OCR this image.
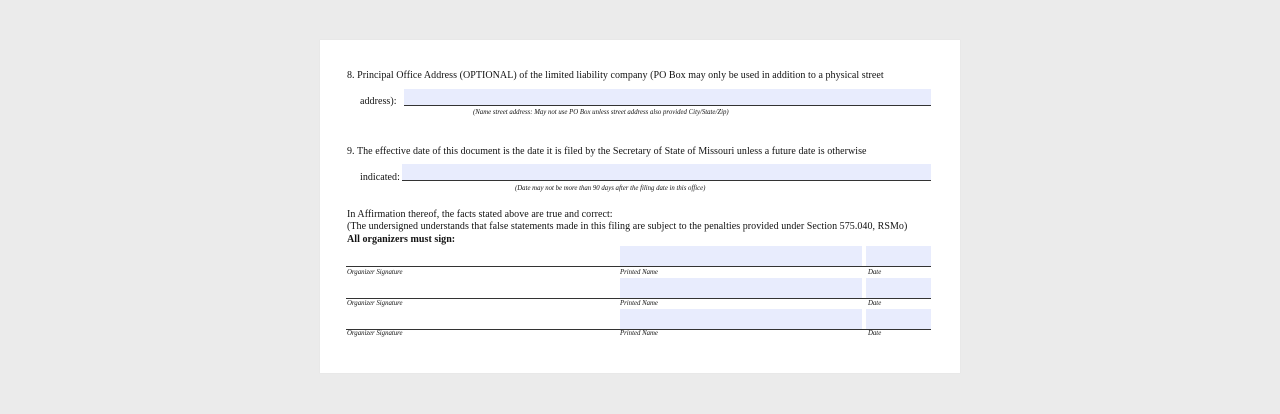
8. Principal Office Address (OPTIONAL) of the limited liability company (PO Box may only be used in addition to a physical street
address):
(Name street address: May not use PO Box unless street address also provided City/State/Zip)
9. The effective date of this document is the date it is filed by the Secretary of State of Missouri unless a future date is otherwise
indicated:
(Date may not be more than 90 days after the filing date in this office)
In Affirmation thereof, the facts stated above are true and correct:
(The undersigned understands that false statements made in this filing are subject to the penalties provided under Section 575.040, RSMo)
All organizers must sign:
Organizer Signature	Printed Name	Date
Organizer Signature	Printed Name	Date
Organizer Signature	Printed Name	Date
